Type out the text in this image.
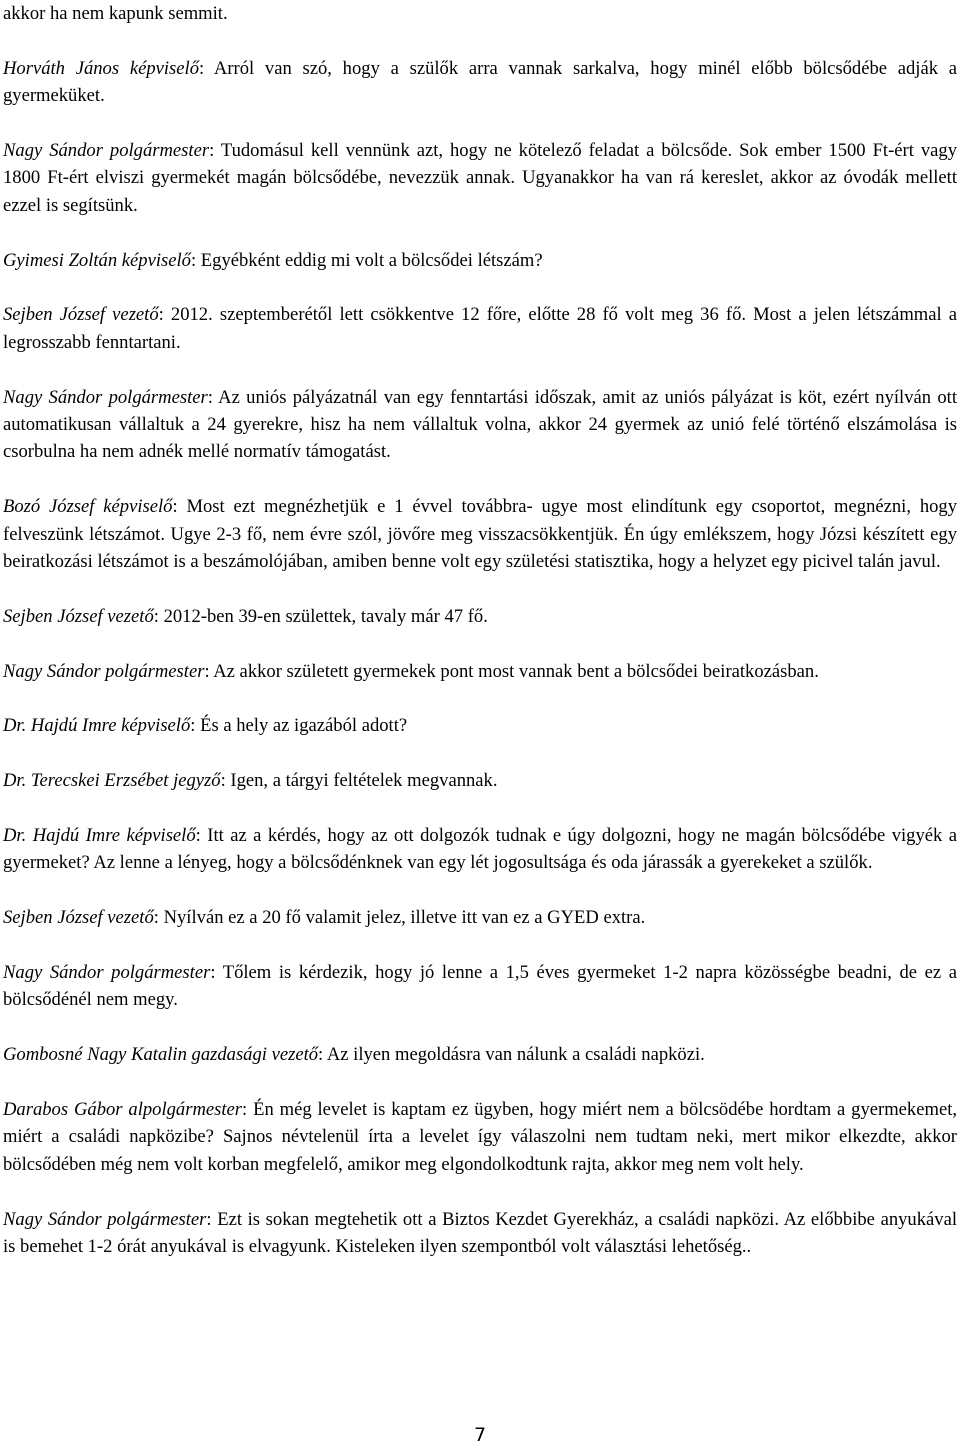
akkor ha nem kapunk semmit.

Horváth János képviselő: Arról van szó, hogy a szülők arra vannak sarkalva, hogy minél előbb bölcsődébe adják a gyermeküket.

Nagy Sándor polgármester: Tudomásul kell vennünk azt, hogy ne kötelező feladat a bölcsőde. Sok ember 1500 Ft-ért vagy 1800 Ft-ért elviszi gyermekét magán bölcsődébe, nevezzük annak. Ugyanakkor ha van rá kereslet, akkor az óvodák mellett ezzel is segítsünk.

Gyimesi Zoltán képviselő: Egyébként eddig mi volt a bölcsődei létszám?

Sejben József vezető: 2012. szeptemberétől lett csökkentve 12 főre, előtte 28 fő volt meg 36 fő. Most a jelen létszámmal a legrosszabb fenntartani.

Nagy Sándor polgármester: Az uniós pályázatnál van egy fenntartási időszak, amit az uniós pályázat is köt, ezért nyílván ott automatikusan vállaltuk a 24 gyerekre, hisz ha nem vállaltuk volna, akkor 24 gyermek az unió felé történő elszámolása is csorbulna ha nem adnék mellé normatív támogatást.

Bozó József képviselő: Most ezt megnézhetjük e 1 évvel továbbra- ugye most elindítunk egy csoportot, megnézni, hogy felveszünk létszámot. Ugye 2-3 fő, nem évre szól, jövőre meg visszacsökkentjük. Én úgy emlékszem, hogy Józsi készített egy beiratkozási létszámot is a beszámolójában, amiben benne volt egy születési statisztika, hogy a helyzet egy picivel talán javul.

Sejben József vezető: 2012-ben 39-en születtek, tavaly már 47 fő.

Nagy Sándor polgármester: Az akkor született gyermekek pont most vannak bent a bölcsődei beiratkozásban.

Dr. Hajdú Imre képviselő: És a hely az igazából adott?

Dr. Terecskei Erzsébet jegyző: Igen, a tárgyi feltételek megvannak.

Dr. Hajdú Imre képviselő: Itt az a kérdés, hogy az ott dolgozók tudnak e úgy dolgozni, hogy ne magán bölcsődébe vigyék a gyermeket? Az lenne a lényeg, hogy a bölcsődénknek van egy lét jogosultsága és oda járassák a gyerekeket a szülők.

Sejben József vezető: Nyílván ez a 20 fő valamit jelez, illetve itt van ez a GYED extra.

Nagy Sándor polgármester: Tőlem is kérdezik, hogy jó lenne a 1,5 éves gyermeket 1-2 napra közösségbe beadni, de ez a bölcsődénél nem megy.

Gombosné Nagy Katalin gazdasági vezető: Az ilyen megoldásra van nálunk a családi napközi.

Darabos Gábor alpolgármester: Én még levelet is kaptam ez ügyben, hogy miért nem a bölcsödébe hordtam a gyermekemet, miért a családi napközibe? Sajnos névtelenül írta a levelet így válaszolni nem tudtam neki, mert mikor elkezdte, akkor bölcsődében még nem volt korban megfelelő, amikor meg elgondolkodtunk rajta, akkor meg nem volt hely.

Nagy Sándor polgármester: Ezt is sokan megtehetik ott a Biztos Kezdet Gyerekház, a családi napközi. Az előbbibe anyukával is bemehet 1-2 órát anyukával is elvagyunk. Kisteleken ilyen szempontból volt választási lehetőség..

7
